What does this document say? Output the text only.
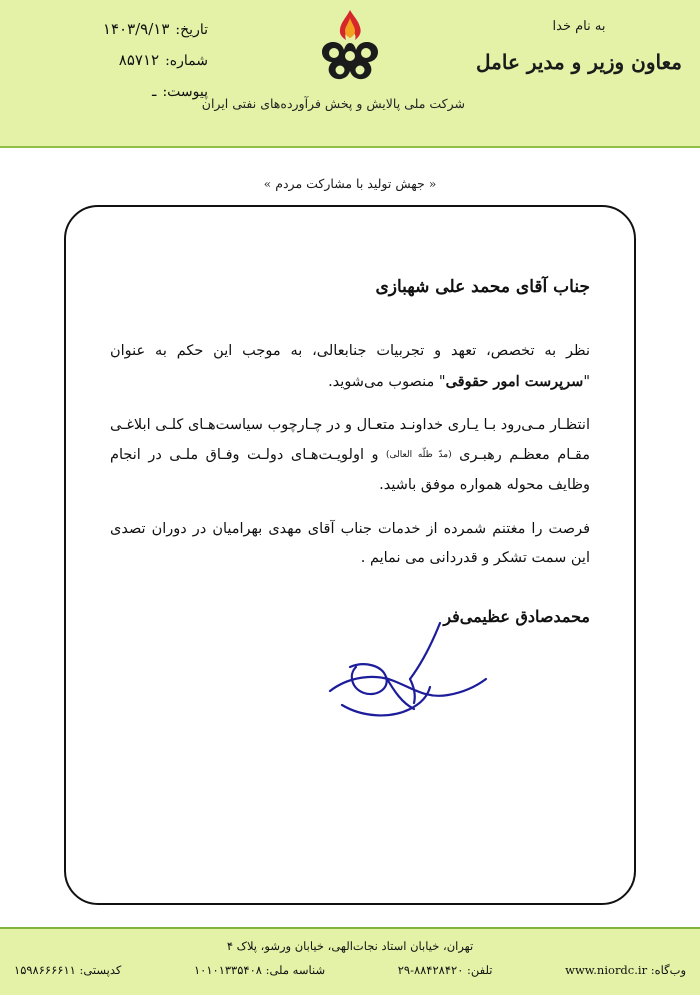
به نام خدا
معاون وزیر و مدیر عامل
شرکت ملی پالایش و پخش فرآورده‌های نفتی ایران
تاریخ:
۱۴۰۳/۹/۱۳
شماره:
۸۵۷۱۲
پیوست:
ـ
« جهش تولید با مشارکت مردم »
جناب آقای محمد علی شهبازی

نظر به تخصص، تعهد و تجربیات جنابعالی، به موجب این حکم به عنوان "سرپرست امور حقوقی" منصوب می‌شوید.

انتظـار مـی‌رود بـا یـاری خداونـد متعـال و در چـارچوب سیاست‌هـای کلـی ابلاغـی مقـام معظـم رهبـری (مدّ ظلّه العالی) و اولویـت‌هـای دولـت وفـاق ملـی در انجام وظایف محوله همواره موفق باشید.

فرصت را مغتنم شمرده از خدمات جناب آقای مهدی بهرامیان در دوران تصدی این سمت تشکر و قدردانی می نمایم .

محمدصادق عظیمی‌فر
تهران، خیابان استاد نجات‌الهی، خیابان ورشو، پلاک ۴
کدپستی: ۱۵۹۸۶۶۶۶۱۱	شناسه ملی: ۱۰۱۰۱۳۳۵۴۰۸	تلفن: ۸۸۴۲۸۴۲۰-۲۹	وب‌گاه: www.niordc.ir
